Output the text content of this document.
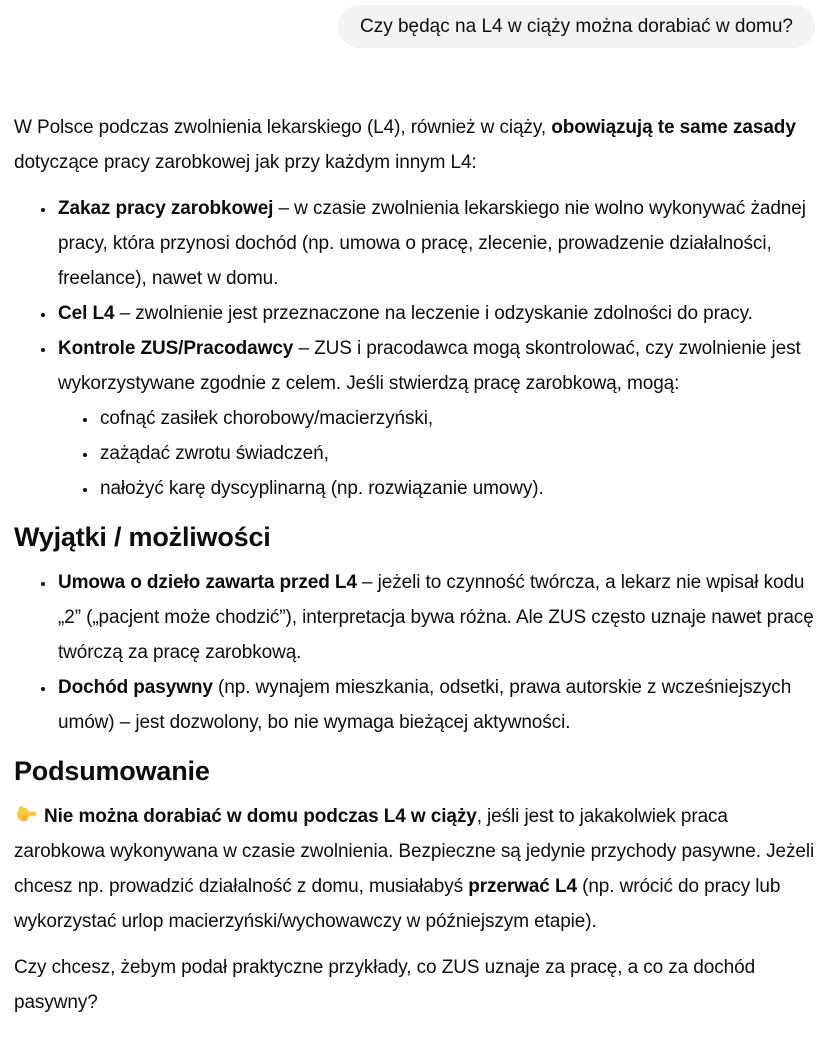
Czy będąc na L4 w ciąży można dorabiać w domu?

W Polsce podczas zwolnienia lekarskiego (L4), również w ciąży, obowiązują te same zasady dotyczące pracy zarobkowej jak przy każdym innym L4:

• Zakaz pracy zarobkowej – w czasie zwolnienia lekarskiego nie wolno wykonywać żadnej pracy, która przynosi dochód (np. umowa o pracę, zlecenie, prowadzenie działalności, freelance), nawet w domu.
• Cel L4 – zwolnienie jest przeznaczone na leczenie i odzyskanie zdolności do pracy.
• Kontrole ZUS/Pracodawcy – ZUS i pracodawca mogą skontrolować, czy zwolnienie jest wykorzystywane zgodnie z celem. Jeśli stwierdzą pracę zarobkową, mogą:
• cofnąć zasiłek chorobowy/macierzyński,
• zażądać zwrotu świadczeń,
• nałożyć karę dyscyplinarną (np. rozwiązanie umowy).
Wyjątki / możliwości
• Umowa o dzieło zawarta przed L4 – jeżeli to czynność twórcza, a lekarz nie wpisał kodu „2” („pacjent może chodzić”), interpretacja bywa różna. Ale ZUS często uznaje nawet pracę twórczą za pracę zarobkową.
• Dochód pasywny (np. wynajem mieszkania, odsetki, prawa autorskie z wcześniejszych umów) – jest dozwolony, bo nie wymaga bieżącej aktywności.
Podsumowanie

Nie można dorabiać w domu podczas L4 w ciąży, jeśli jest to jakakolwiek praca zarobkowa wykonywana w czasie zwolnienia. Bezpieczne są jedynie przychody pasywne. Jeżeli chcesz np. prowadzić działalność z domu, musiałabyś przerwać L4 (np. wrócić do pracy lub wykorzystać urlop macierzyński/wychowawczy w późniejszym etapie).

Czy chcesz, żebym podał praktyczne przykłady, co ZUS uznaje za pracę, a co za dochód pasywny?
